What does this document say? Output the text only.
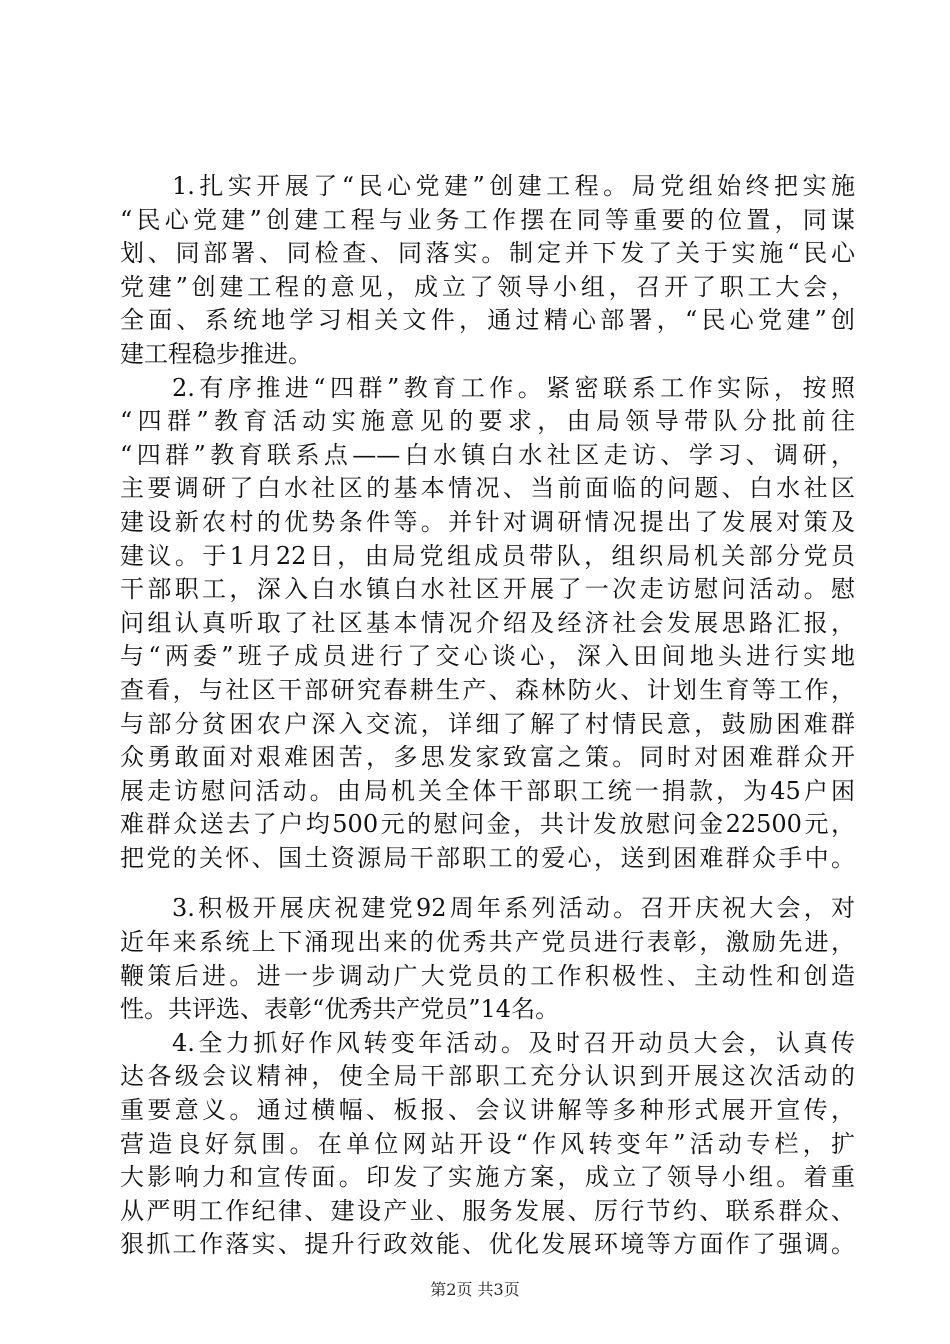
1.扎实开展了“民心党建”创建工程。局党组始终把实施
“民心党建”创建工程与业务工作摆在同等重要的位置，同谋
划、同部署、同检查、同落实。制定并下发了关于实施“民心
党建”创建工程的意见，成立了领导小组，召开了职工大会，
全面、系统地学习相关文件，通过精心部署，“民心党建”创
建工程稳步推进。
2.有序推进“四群”教育工作。紧密联系工作实际，按照
“四群”教育活动实施意见的要求，由局领导带队分批前往
“四群”教育联系点——白水镇白水社区走访、学习、调研，
主要调研了白水社区的基本情况、当前面临的问题、白水社区
建设新农村的优势条件等。并针对调研情况提出了发展对策及
建议。于1月22日，由局党组成员带队，组织局机关部分党员
干部职工，深入白水镇白水社区开展了一次走访慰问活动。慰
问组认真听取了社区基本情况介绍及经济社会发展思路汇报，
与“两委”班子成员进行了交心谈心，深入田间地头进行实地
查看，与社区干部研究春耕生产、森林防火、计划生育等工作，
与部分贫困农户深入交流，详细了解了村情民意，鼓励困难群
众勇敢面对艰难困苦，多思发家致富之策。同时对困难群众开
展走访慰问活动。由局机关全体干部职工统一捐款，为45户困
难群众送去了户均500元的慰问金，共计发放慰问金22500元，
把党的关怀、国土资源局干部职工的爱心，送到困难群众手中。
3.积极开展庆祝建党92周年系列活动。召开庆祝大会，对
近年来系统上下涌现出来的优秀共产党员进行表彰，激励先进，
鞭策后进。进一步调动广大党员的工作积极性、主动性和创造
性。共评选、表彰“优秀共产党员”14名。
4.全力抓好作风转变年活动。及时召开动员大会，认真传
达各级会议精神，使全局干部职工充分认识到开展这次活动的
重要意义。通过横幅、板报、会议讲解等多种形式展开宣传，
营造良好氛围。在单位网站开设“作风转变年”活动专栏，扩
大影响力和宣传面。印发了实施方案，成立了领导小组。着重
从严明工作纪律、建设产业、服务发展、厉行节约、联系群众、
狠抓工作落实、提升行政效能、优化发展环境等方面作了强调。
第2页 共3页
